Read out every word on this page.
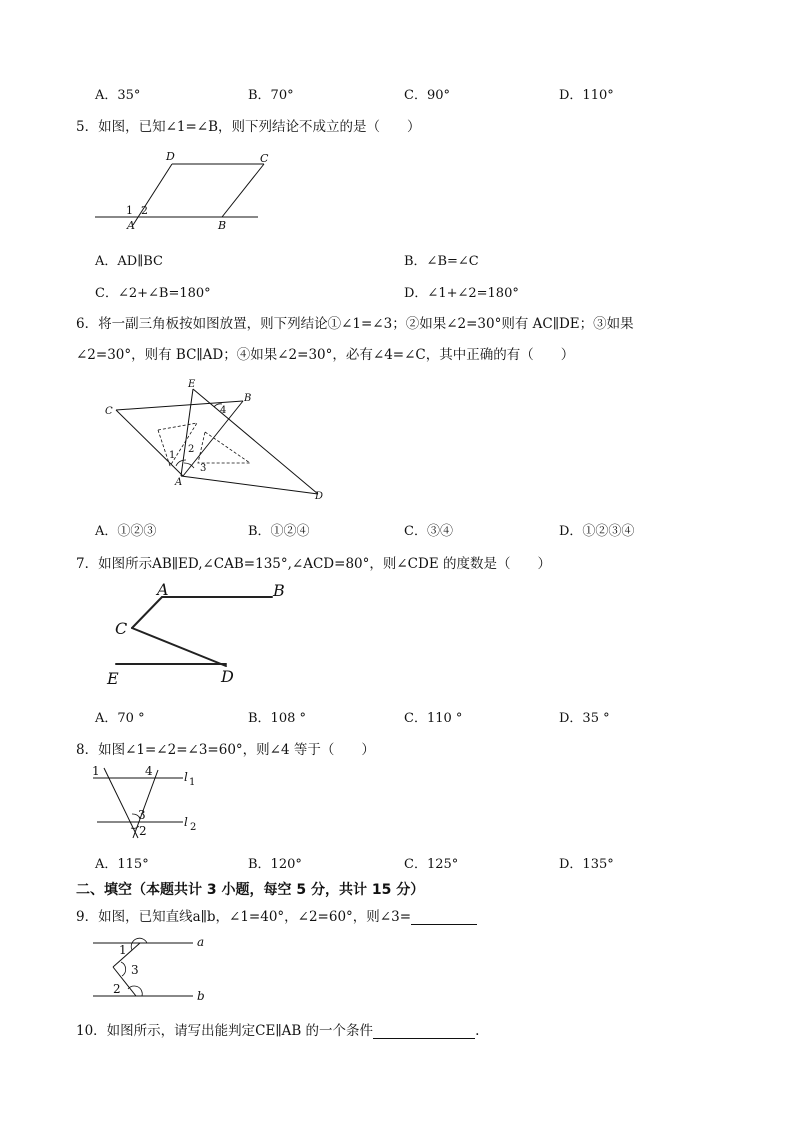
A．35°	B．70°	C．90°	D．110°
5．如图，已知∠1=∠B，则下列结论不成立的是（　　）
D	C
A	B
1 2
A．AD∥BC	B．∠B=∠C
C．∠2+∠B=180°	D．∠1+∠2=180°
6．将一副三角板按如图放置，则下列结论①∠1=∠3；②如果∠2=30°则有 AC∥DE；③如果
∠2=30°，则有 BC∥AD；④如果∠2=30°，必有∠4=∠C，其中正确的有（　　）
E
B
C
A
D
1
2
3
4
A．①②③	B．①②④	C．③④	D．①②③④
7．如图所示AB∥ED,∠CAB=135°,∠ACD=80°，则∠CDE 的度数是（　　）
A	B
C
E	D
A．70 °	B．108 °	C．110 °	D．35 °
8．如图∠1=∠2=∠3=60°，则∠4 等于（　　）
1	4
3
2
l 1
l 2
A．115°	B．120°	C．125°	D．135°
二、填空（本题共计 3 小题，每空 5 分，共计 15 分）
9．如图，已知直线a∥b，∠1=40°，∠2=60°，则∠3=
1
3
2
a
b
10．如图所示，请写出能判定CE∥AB 的一个条件	.
